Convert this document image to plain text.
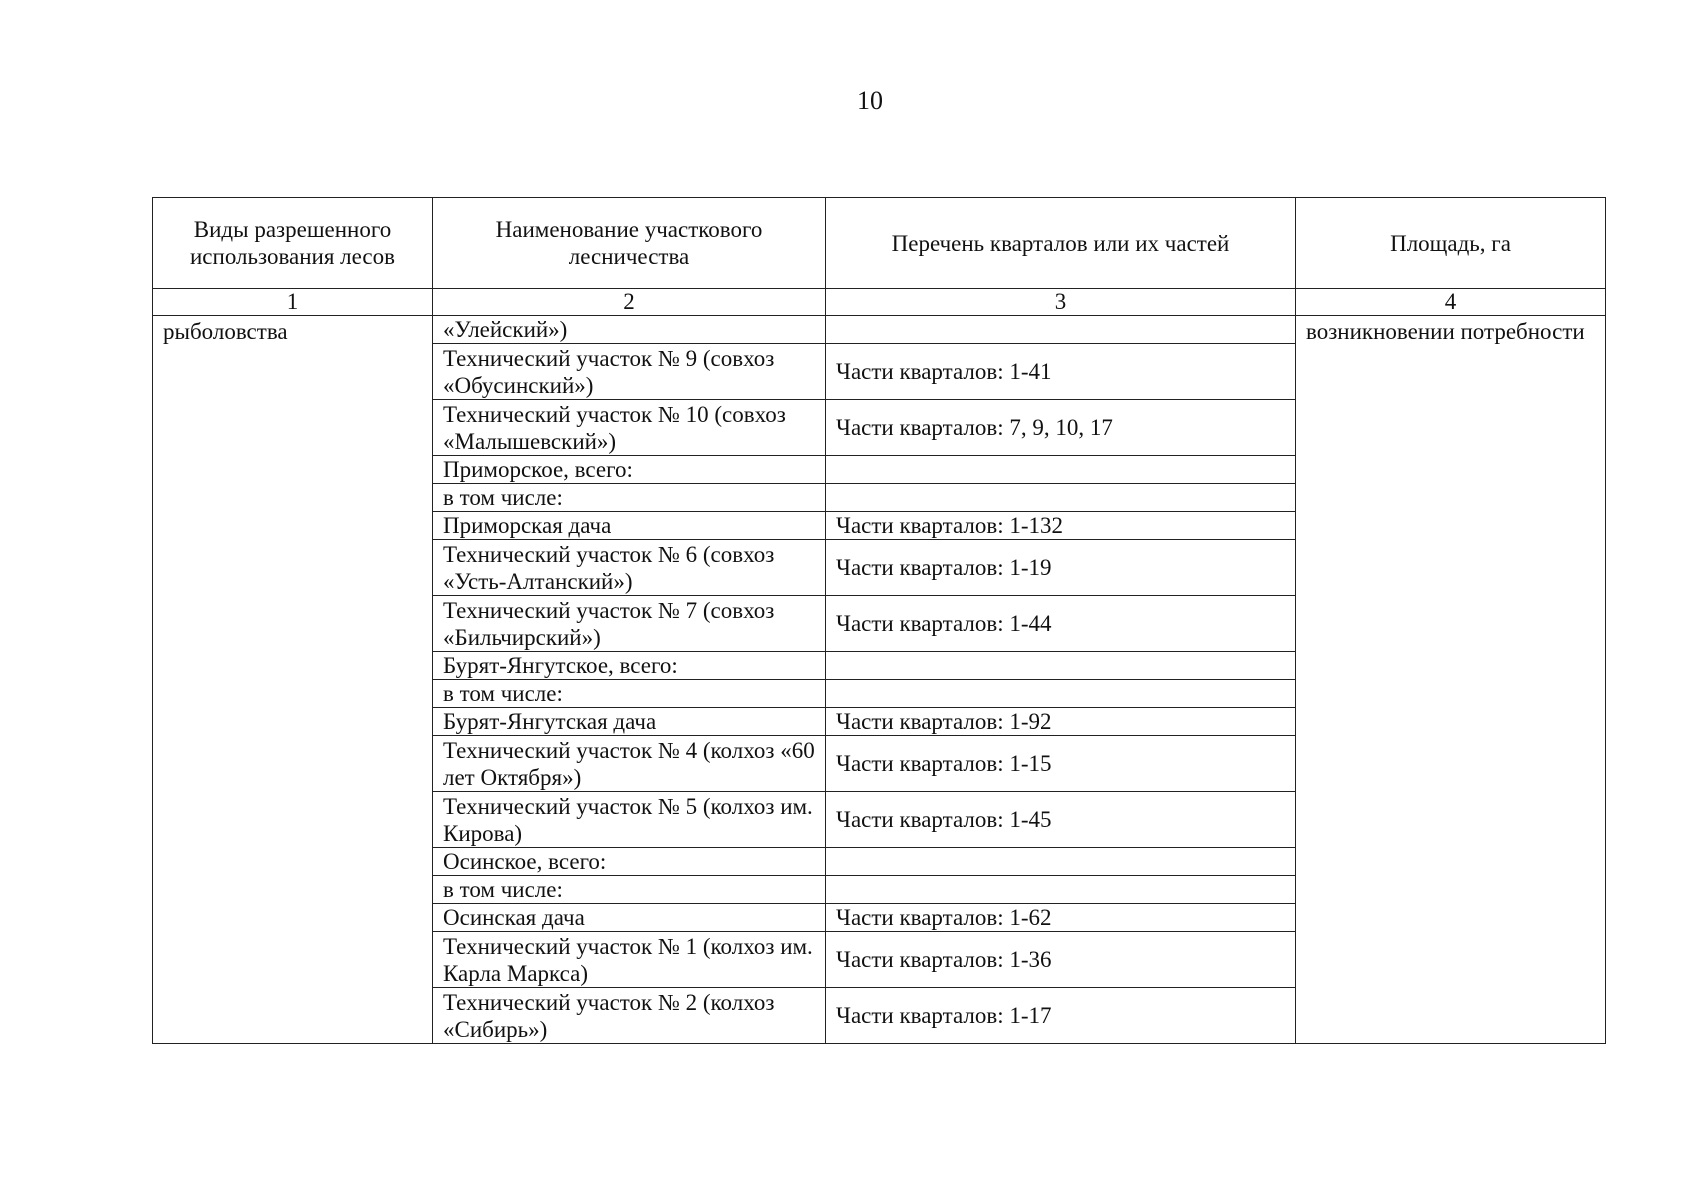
10
Виды разрешенного использования лесов	Наименование участкового лесничества	Перечень кварталов или их частей	Площадь, га
1	2	3	4
рыболовства	«Улейский»)		возникновении потребности
	Технический участок № 9 (совхоз «Обусинский»)	Части кварталов: 1-41	
	Технический участок № 10 (совхоз «Малышевский»)	Части кварталов: 7, 9, 10, 17	
	Приморское, всего:		
	в том числе:		
	Приморская дача	Части кварталов: 1-132	
	Технический участок № 6 (совхоз «Усть-Алтанский»)	Части кварталов: 1-19	
	Технический участок № 7 (совхоз «Бильчирский»)	Части кварталов: 1-44	
	Бурят-Янгутское, всего:		
	в том числе:		
	Бурят-Янгутская дача	Части кварталов: 1-92	
	Технический участок № 4 (колхоз «60 лет Октября»)	Части кварталов: 1-15	
	Технический участок № 5 (колхоз им. Кирова)	Части кварталов: 1-45	
	Осинское, всего:		
	в том числе:		
	Осинская дача	Части кварталов: 1-62	
	Технический участок № 1 (колхоз им. Карла Маркса)	Части кварталов: 1-36	
	Технический участок № 2 (колхоз «Сибирь»)	Части кварталов: 1-17	
